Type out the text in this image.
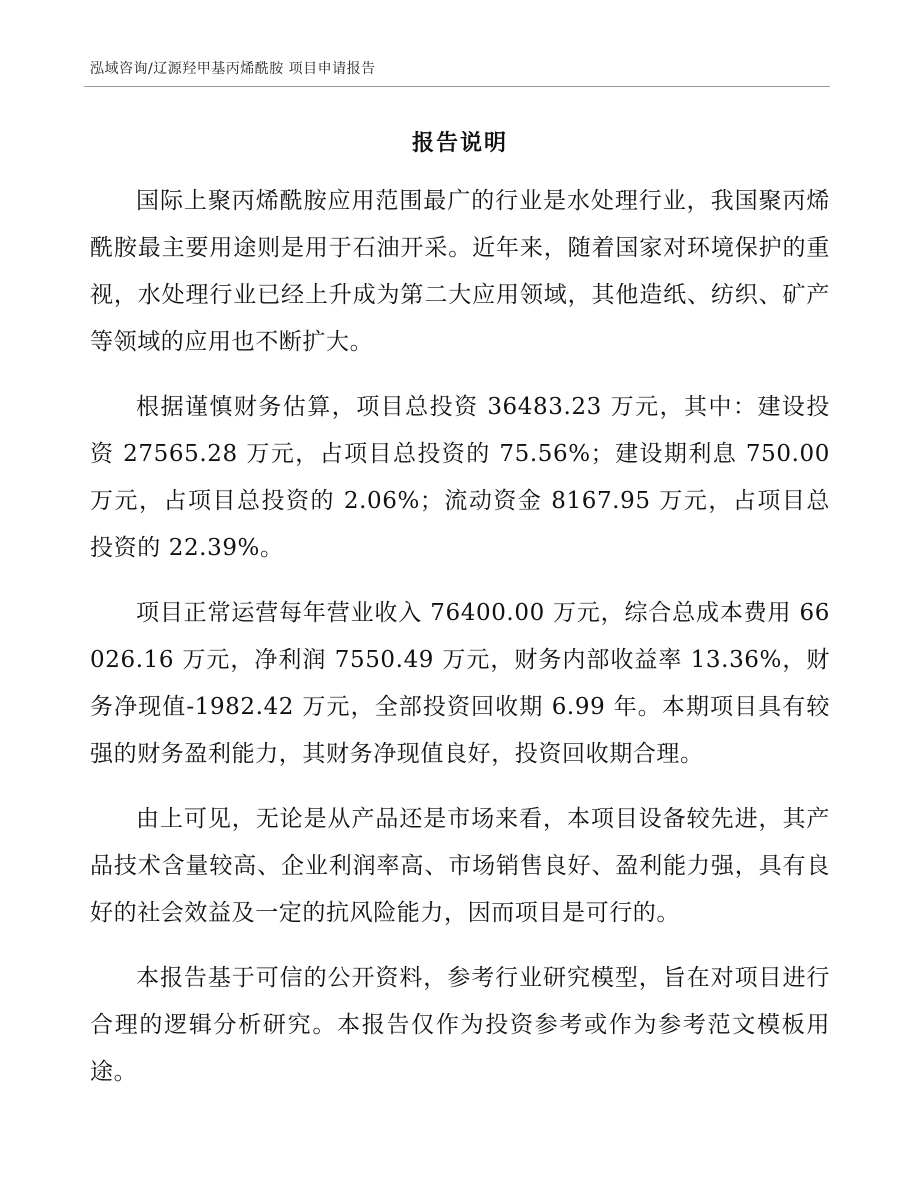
泓域咨询/辽源羟甲基丙烯酰胺 项目申请报告
报告说明

国际上聚丙烯酰胺应用范围最广的行业是水处理行业，我国聚丙烯酰胺最主要用途则是用于石油开采。近年来，随着国家对环境保护的重视，水处理行业已经上升成为第二大应用领域，其他造纸、纺织、矿产等领域的应用也不断扩大。

根据谨慎财务估算，项目总投资 36483.23 万元，其中：建设投资 27565.28 万元，占项目总投资的 75.56%；建设期利息 750.00 万元，占项目总投资的 2.06%；流动资金 8167.95 万元，占项目总投资的 22.39%。

项目正常运营每年营业收入 76400.00 万元，综合总成本费用 66026.16 万元，净利润 7550.49 万元，财务内部收益率 13.36%，财务净现值-1982.42 万元，全部投资回收期 6.99 年。本期项目具有较强的财务盈利能力，其财务净现值良好，投资回收期合理。

由上可见，无论是从产品还是市场来看，本项目设备较先进，其产品技术含量较高、企业利润率高、市场销售良好、盈利能力强，具有良好的社会效益及一定的抗风险能力，因而项目是可行的。

本报告基于可信的公开资料，参考行业研究模型，旨在对项目进行合理的逻辑分析研究。本报告仅作为投资参考或作为参考范文模板用途。
